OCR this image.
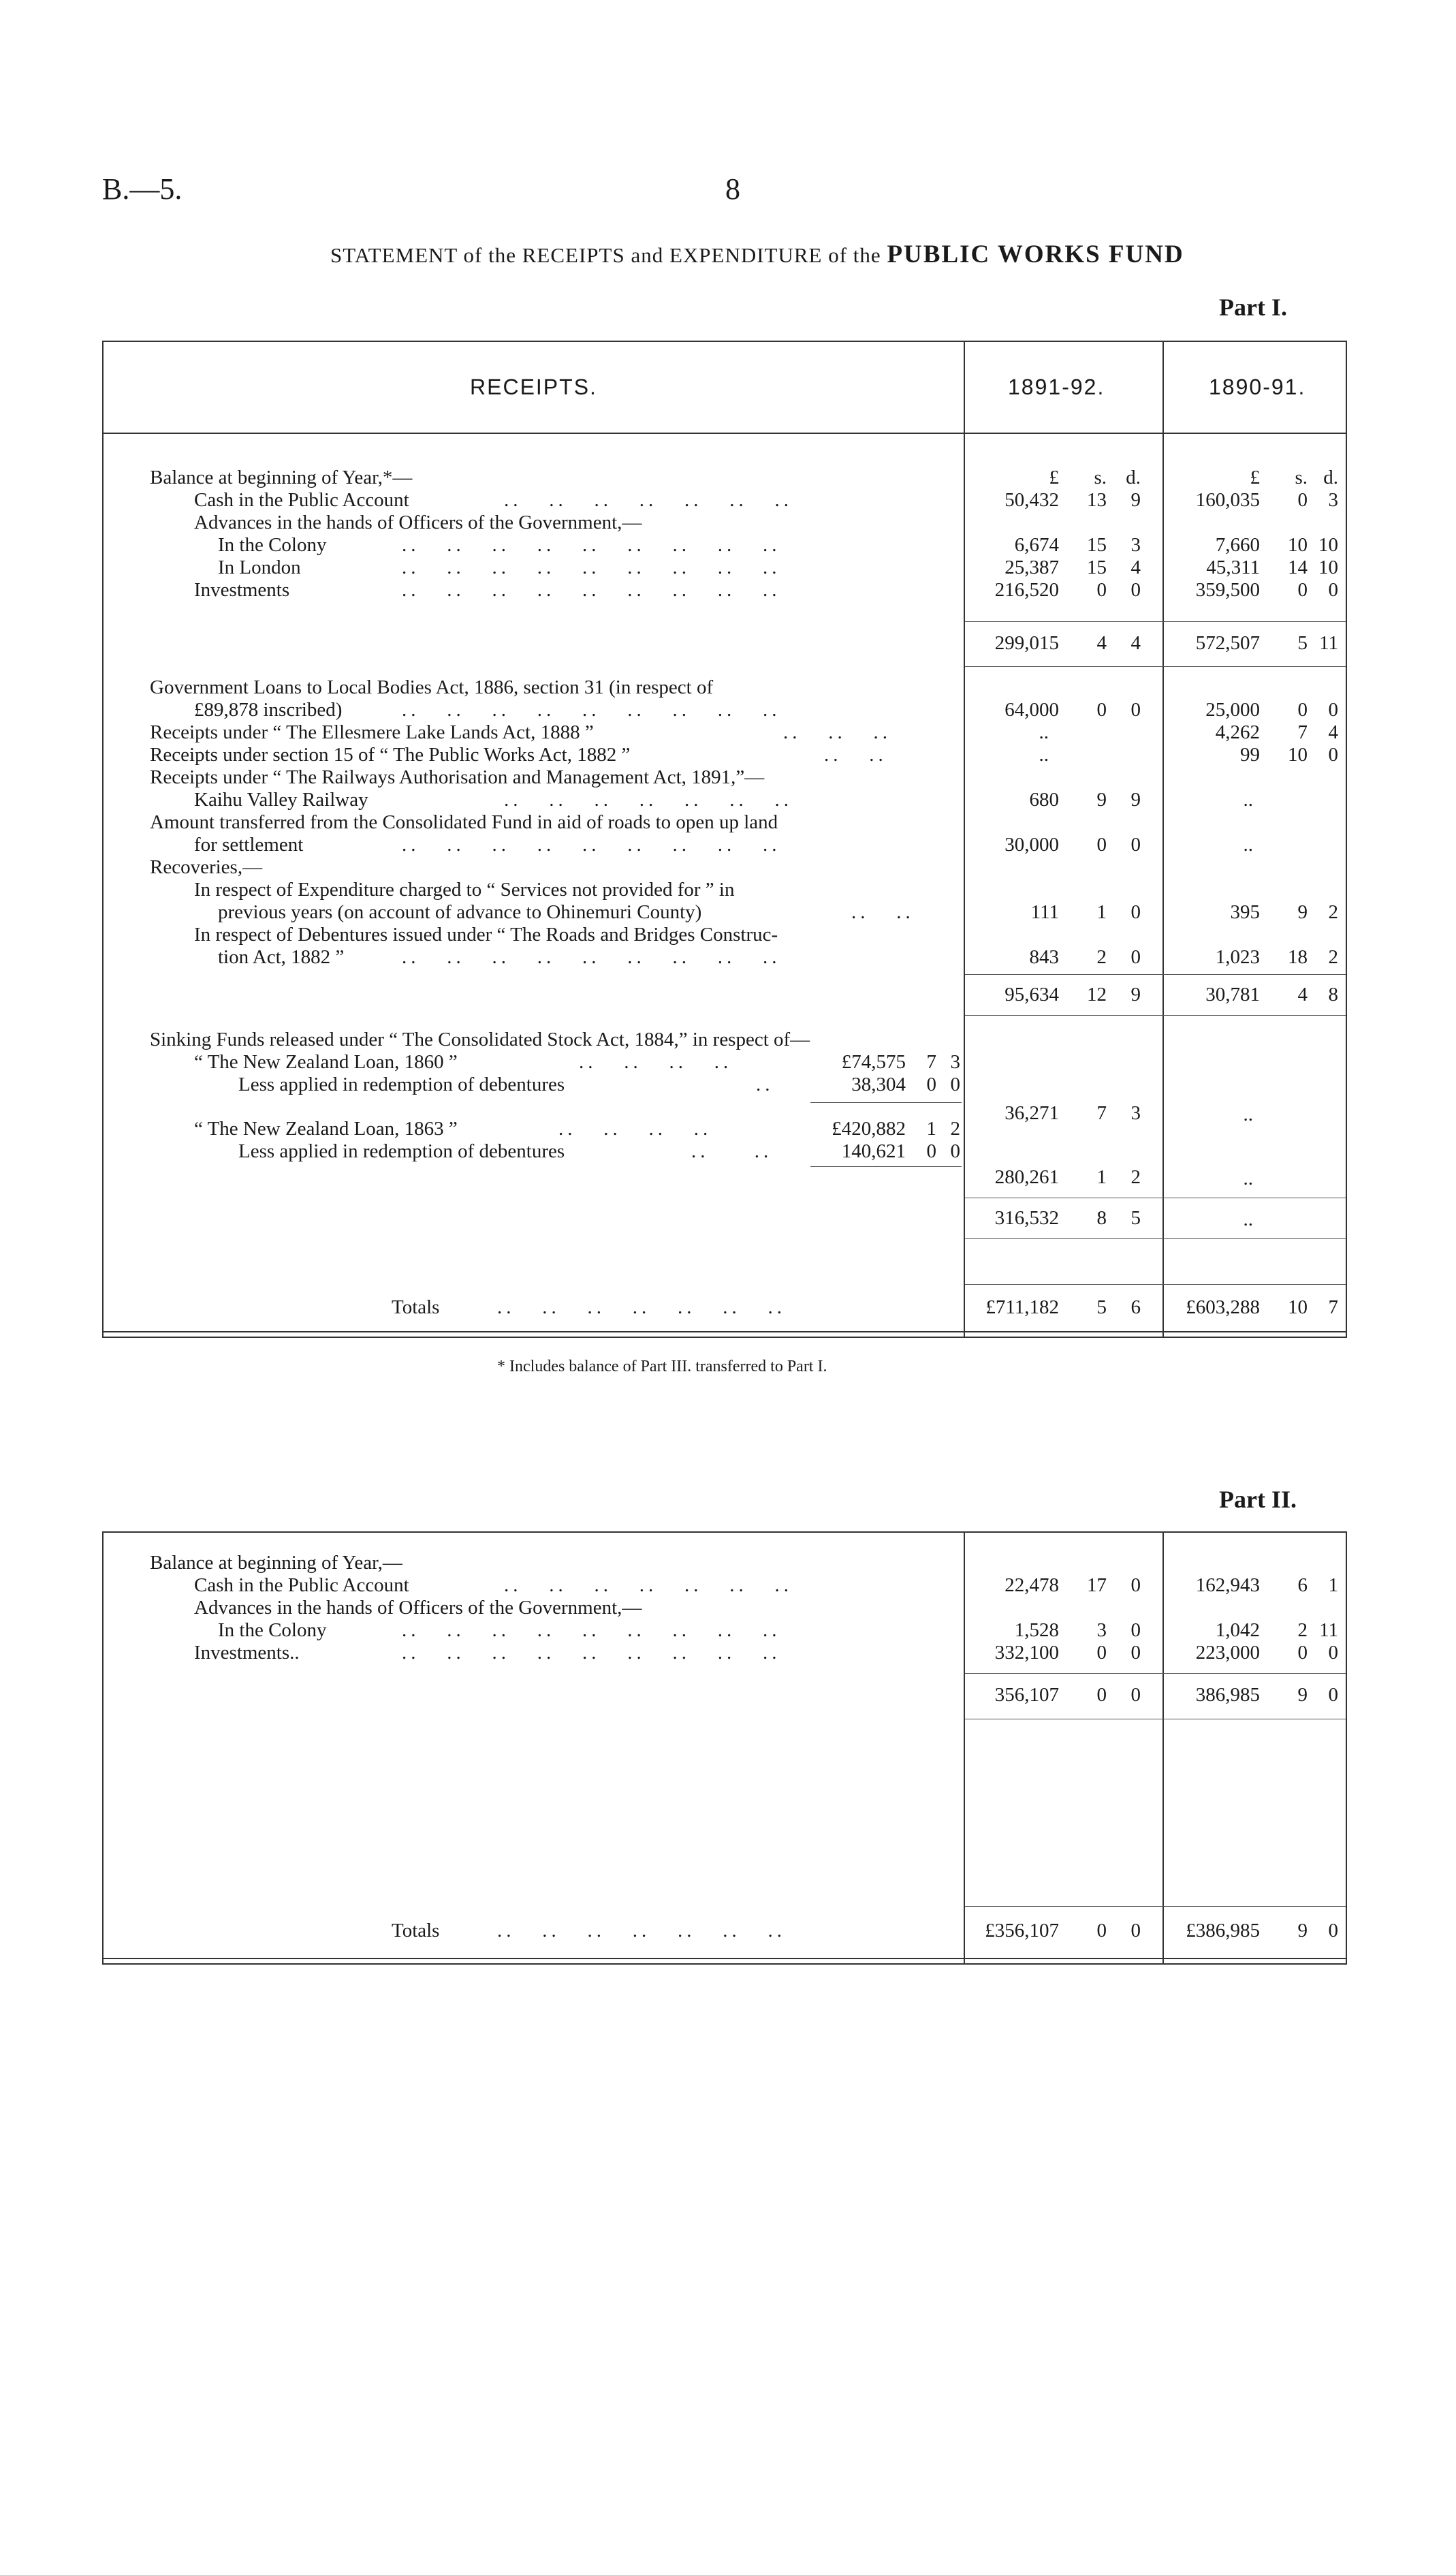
B.—5.	8
STATEMENT of the RECEIPTS and EXPENDITURE of the PUBLIC WORKS FUND
Part I.
RECEIPTS.	1891-92.	1890-91.
£	s. d.	£	s. d.
Balance at beginning of Year,*—
Cash in the Public Account	..   ..   ..   ..   ..   ..   ..	50,432	13	9	160,035	0	3
Advances in the hands of Officers of the Government,—
In the Colony	..   ..   ..   ..   ..   ..   ..   ..   ..	6,674	15	3	7,660	10 10
In London	..   ..   ..   ..   ..   ..   ..   ..   ..	25,387	15	4	45,311	14 10
Investments	..   ..   ..   ..   ..   ..   ..   ..   ..	216,520	0	0	359,500	0	0
299,015	4	4	572,507	5 11
Government Loans to Local Bodies Act, 1886, section 31 (in respect of
£89,878 inscribed)	..   ..   ..   ..   ..   ..   ..   ..   ..	64,000	0	0	25,000	0	0
Receipts under “ The Ellesmere Lake Lands Act, 1888 ”	..   ..   ..	..	4,262	7	4
Receipts under section 15 of “ The Public Works Act, 1882 ”	..   ..	..	99	10	0
Receipts under “ The Railways Authorisation and Management Act, 1891,”—
Kaihu Valley Railway	..   ..   ..   ..   ..   ..   ..	680	9	9	..
Amount transferred from the Consolidated Fund in aid of roads to open up land
for settlement	..   ..   ..   ..   ..   ..   ..   ..   ..	30,000	0	0	..
Recoveries,—
In respect of Expenditure charged to “ Services not provided for ” in
previous years (on account of advance to Ohinemuri County)	..   ..	111	1	0	395	9	2
In respect of Debentures issued under “ The Roads and Bridges Construc-
tion Act, 1882 ”	..   ..   ..   ..   ..   ..   ..   ..   ..	843	2	0	1,023	18	2
95,634	12	9	30,781	4	8
Sinking Funds released under “ The Consolidated Stock Act, 1884,” in respect of—
“ The New Zealand Loan, 1860 ”	..   ..   ..   ..	£74,575	7 3
Less applied in redemption of debentures	..	38,304	0 0
36,271	7	3	..
“ The New Zealand Loan, 1863 ”	..   ..   ..   ..	£420,882	1 2
Less applied in redemption of debentures	..     ..	140,621	0 0
280,261	1	2	..
316,532	8	5	..
Totals	..   ..   ..   ..   ..   ..   ..	£711,182	5	6	£603,288	10	7
* Includes balance of Part III. transferred to Part I.
Part II.
Balance at beginning of Year,—
Cash in the Public Account	..   ..   ..   ..   ..   ..   ..	22,478	17	0	162,943	6	1
Advances in the hands of Officers of the Government,—
In the Colony	..   ..   ..   ..   ..   ..   ..   ..   ..	1,528	3	0	1,042	2 11
Investments..	..   ..   ..   ..   ..   ..   ..   ..   ..	332,100	0	0	223,000	0	0
356,107	0	0	386,985	9	0
Totals	..   ..   ..   ..   ..   ..   ..	£356,107	0	0	£386,985	9	0
